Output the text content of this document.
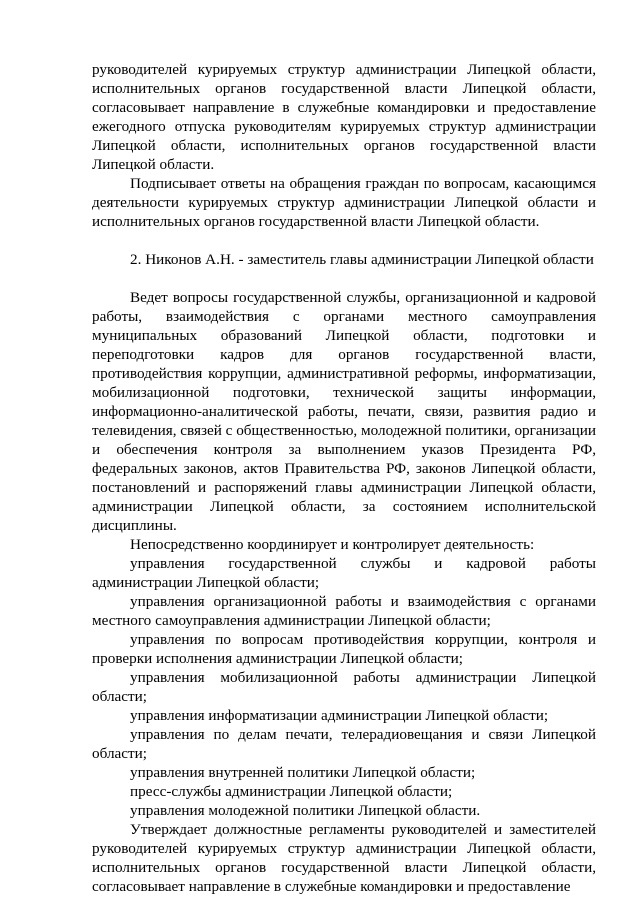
руководителей курируемых структур администрации Липецкой области, исполнительных органов государственной власти Липецкой области, согласовывает направление в служебные командировки и предоставление ежегодного отпуска руководителям курируемых структур администрации Липецкой области, исполнительных органов государственной власти Липецкой области.

Подписывает ответы на обращения граждан по вопросам, касающимся деятельности курируемых структур администрации Липецкой области и исполнительных органов государственной власти Липецкой области.

2. Никонов А.Н. - заместитель главы администрации Липецкой области

Ведет вопросы государственной службы, организационной и кадровой работы, взаимодействия с органами местного самоуправления муниципальных образований Липецкой области, подготовки и переподготовки кадров для органов государственной власти, противодействия коррупции, административной реформы, информатизации, мобилизационной подготовки, технической защиты информации, информационно-аналитической работы, печати, связи, развития радио и телевидения, связей с общественностью, молодежной политики, организации и обеспечения контроля за выполнением указов Президента РФ, федеральных законов, актов Правительства РФ, законов Липецкой области, постановлений и распоряжений главы администрации Липецкой области, администрации Липецкой области, за состоянием исполнительской дисциплины.

Непосредственно координирует и контролирует деятельность:

управления государственной службы и кадровой работы администрации Липецкой области;

управления организационной работы и взаимодействия с органами местного самоуправления администрации Липецкой области;

управления по вопросам противодействия коррупции, контроля и проверки исполнения администрации Липецкой области;

управления мобилизационной работы администрации Липецкой области;

управления информатизации администрации Липецкой области;

управления по делам печати, телерадиовещания и связи Липецкой области;

управления внутренней политики Липецкой области;

пресс-службы администрации Липецкой области;

управления молодежной политики Липецкой области.

Утверждает должностные регламенты руководителей и заместителей руководителей курируемых структур администрации Липецкой области, исполнительных органов государственной власти Липецкой области, согласовывает направление в служебные командировки и предоставление
